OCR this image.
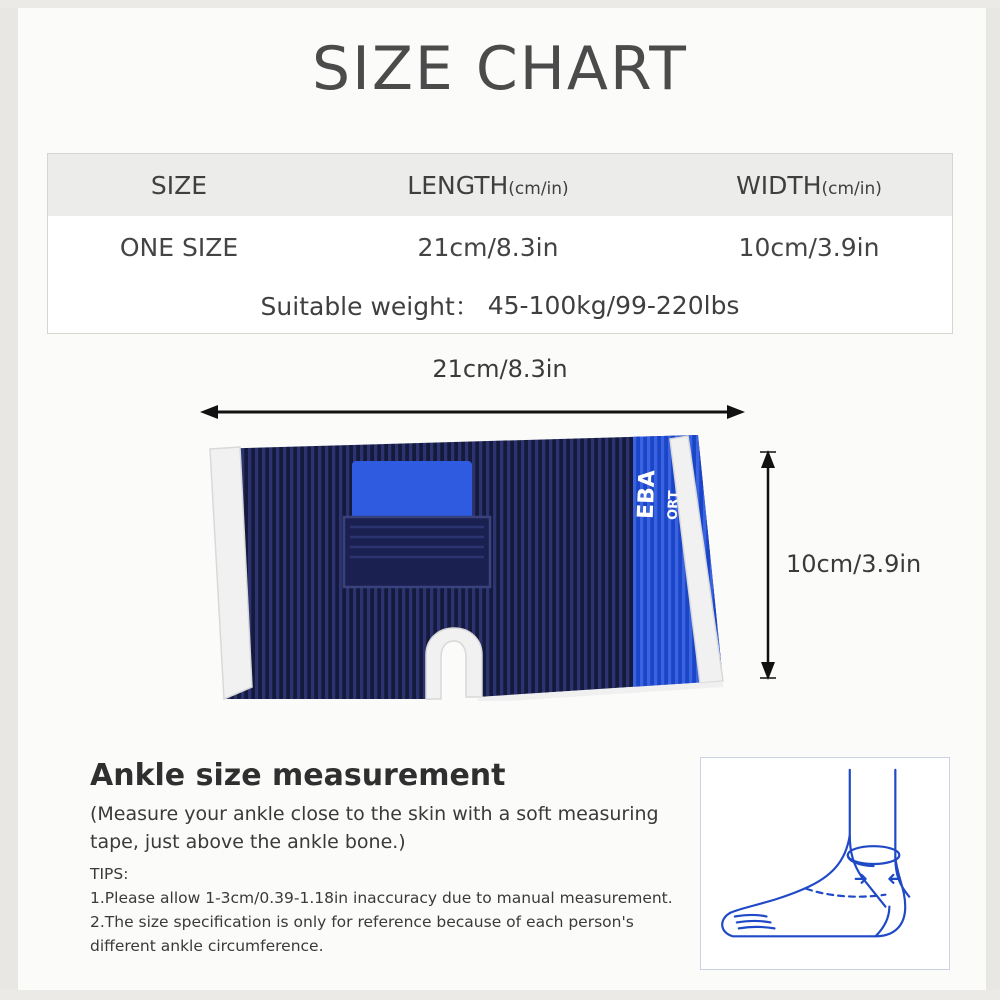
SIZE CHART
SIZE	LENGTH(cm/in)	WIDTH(cm/in)
ONE SIZE	21cm/8.3in	10cm/3.9in
Suitable weight： 45-100kg/99-220lbs
21cm/8.3in
10cm/3.9in
EBA ORT
Ankle size measurement
(Measure your ankle close to the skin with a soft measuring tape, just above the ankle bone.)
TIPS:
1.Please allow 1-3cm/0.39-1.18in inaccuracy due to manual measurement.
2.The size specification is only for reference because of each person's different ankle circumference.
